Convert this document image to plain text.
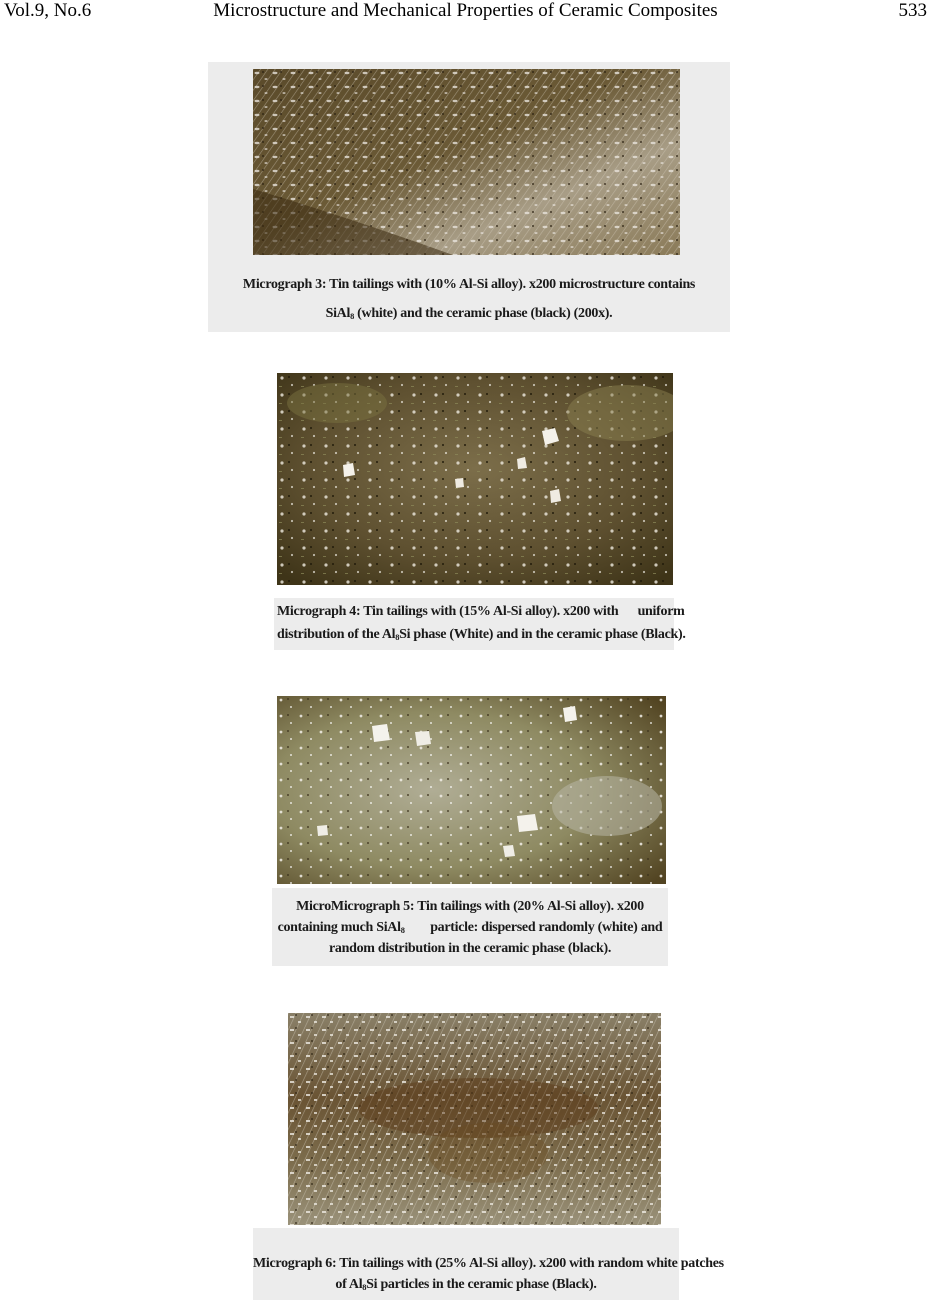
Vol.9, No.6	Microstructure and Mechanical Properties of Ceramic Composites	533
Micrograph 3: Tin tailings with (10% Al-Si alloy). x200 microstructure contains
SiAl$_8$ (white) and the ceramic phase (black) (200x).
Micrograph 4: Tin tailings with (15% Al-Si alloy). x200 with      uniform
distribution of the $Al_8Si$ phase (White) and in the ceramic phase (Black).
MicroMicrograph 5: Tin tailings with (20% Al-Si alloy). x200
containing much SiAl$_8$        particle: dispersed randomly (white) and
random distribution in the ceramic phase (black).
Micrograph 6: Tin tailings with (25% Al-Si alloy). x200 with random white patches
of $Al_8Si$ particles in the ceramic phase (Black).
